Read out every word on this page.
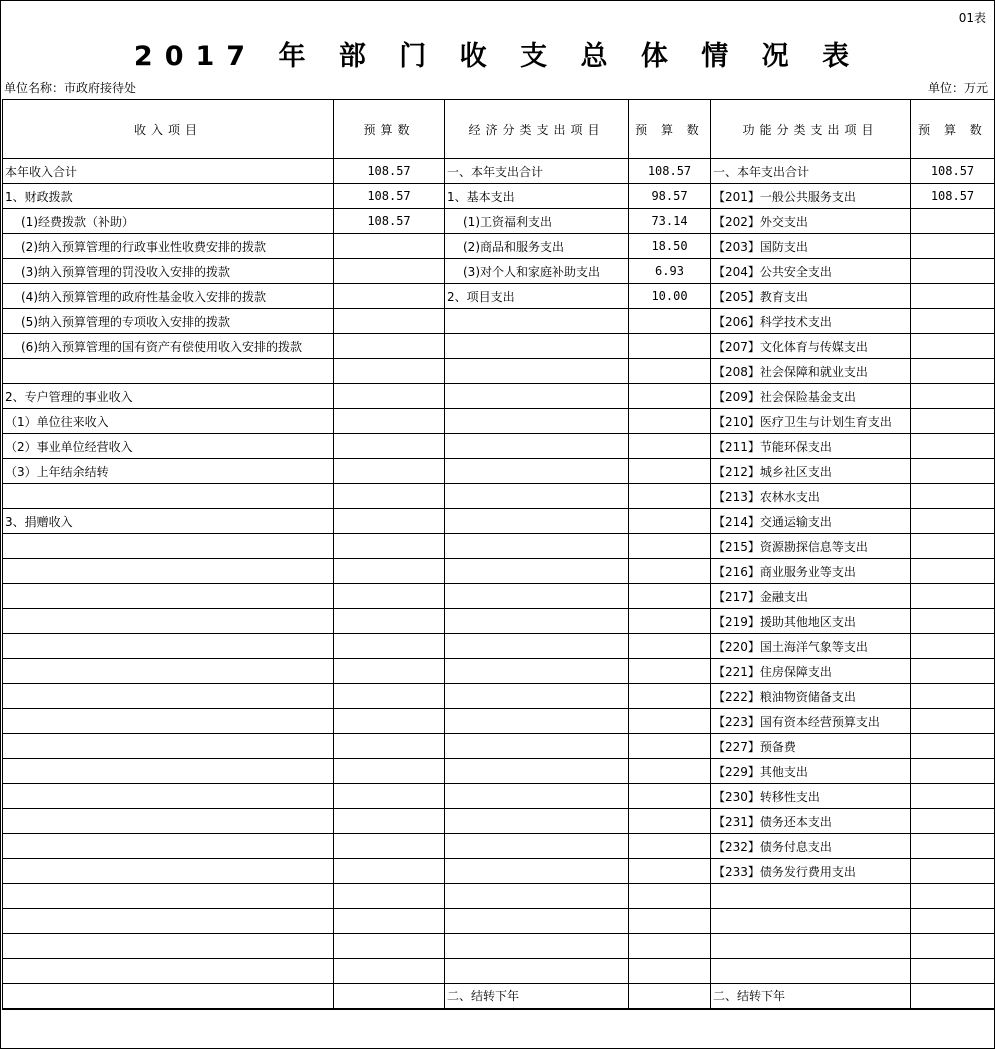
01表
2017 年 部 门 收 支 总 体 情 况 表
单位名称：市政府接待处	单位：万元
收入项目	预算数	经济分类支出项目	预 算 数	功能分类支出项目	预 算 数
本年收入合计	108.57	一、本年支出合计	108.57	一、本年支出合计	108.57
1、财政拨款	108.57	1、基本支出	98.57	【201】一般公共服务支出	108.57
(1)经费拨款（补助）	108.57	(1)工资福利支出	73.14	【202】外交支出	
(2)纳入预算管理的行政事业性收费安排的拨款		(2)商品和服务支出	18.50	【203】国防支出	
(3)纳入预算管理的罚没收入安排的拨款		(3)对个人和家庭补助支出	6.93	【204】公共安全支出	
(4)纳入预算管理的政府性基金收入安排的拨款		2、项目支出	10.00	【205】教育支出	
(5)纳入预算管理的专项收入安排的拨款				【206】科学技术支出	
(6)纳入预算管理的国有资产有偿使用收入安排的拨款				【207】文化体育与传媒支出	
				【208】社会保障和就业支出	
2、专户管理的事业收入				【209】社会保险基金支出	
（1）单位往来收入				【210】医疗卫生与计划生育支出	
（2）事业单位经营收入				【211】节能环保支出	
（3）上年结余结转				【212】城乡社区支出	
				【213】农林水支出	
3、捐赠收入				【214】交通运输支出	
				【215】资源勘探信息等支出	
				【216】商业服务业等支出	
				【217】金融支出	
				【219】援助其他地区支出	
				【220】国土海洋气象等支出	
				【221】住房保障支出	
				【222】粮油物资储备支出	
				【223】国有资本经营预算支出	
				【227】预备费	
				【229】其他支出	
				【230】转移性支出	
				【231】债务还本支出	
				【232】债务付息支出	
				【233】债务发行费用支出	

		二、结转下年		二、结转下年	
